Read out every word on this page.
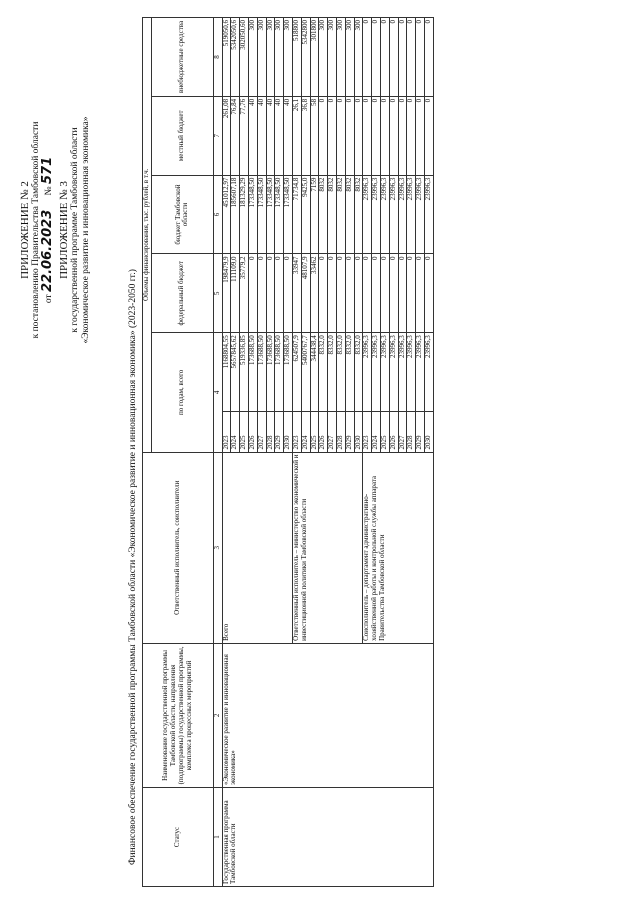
ПРИЛОЖЕНИЕ № 2 к постановлению Правительства Тамбовской области от 22.06.2023      № 571
ПРИЛОЖЕНИЕ № 3 к государственной программе Тамбовской области «Экономическое развитие и инновационная экономика»
Финансовое обеспечение государственной программы Тамбовской области «Экономическое развитие и инновационная экономика» (2023-2050 гг.)	Статус	Наименование государственной программы Тамбовской области, направления (подпрограммы) государственной программы, комплекса процессных мероприятий	Ответственный исполнитель, соисполнители	Объемы финансирования, тыс. рублей, в т.ч.					
			по годам, всего		федеральный бюджет	бюджет Тамбовской области	местный бюджет	внебюджетные средства
1	2	3	4		5	6	7	8
Государственная программа Тамбовской области	«Экономическое развитие и инновационная экономика»	Всего	2023	1168804,55	198479,9	451012,97	261,08	519050,6
			2024	5657845,62	111109,0	185607,18	76,84	5342050,6
			2025	519336,85	35779,2	181329,29	77,76	302050,60
			2026	173688,50	0	173348,50	40	300
			2027	173688,50	0	173348,50	40	300
			2028	173688,50	0	173348,50	40	300
			2029	173688,50	0	173348,50	40	300
			2030	173688,50	0	173348,50	40	300
		Ответственный исполнитель – министерство экономической и инвестиционной политики Тамбовской области	2023	624507,9	33947	71734,8	26,1	518800
			2024	5400767,7	48107,9	9425,0	36,8	5342800
			2025	344438,4	33462	7159	58	301800
			2026	8332,0	0	8032	0	300
			2027	8332,0	0	8032	0	300
			2028	8332,0	0	8032	0	300
			2029	8332,0	0	8032	0	300
			2030	8332,0	0	8032	0	300
		Соисполнитель – департамент административно-хозяйственной работы и контрольной службы аппарата Правительства Тамбовской области	2023	23996,3	0	23996,3	0	0
			2024	23996,3	0	23996,3	0	0
			2025	23996,3	0	23996,3	0	0
			2026	23996,3	0	23996,3	0	0
			2027	23996,3	0	23996,3	0	0
			2028	23996,3	0	23996,3	0	0
			2029	23996,3	0	23996,3	0	0
			2030	23996,3	0	23996,3	0	0
